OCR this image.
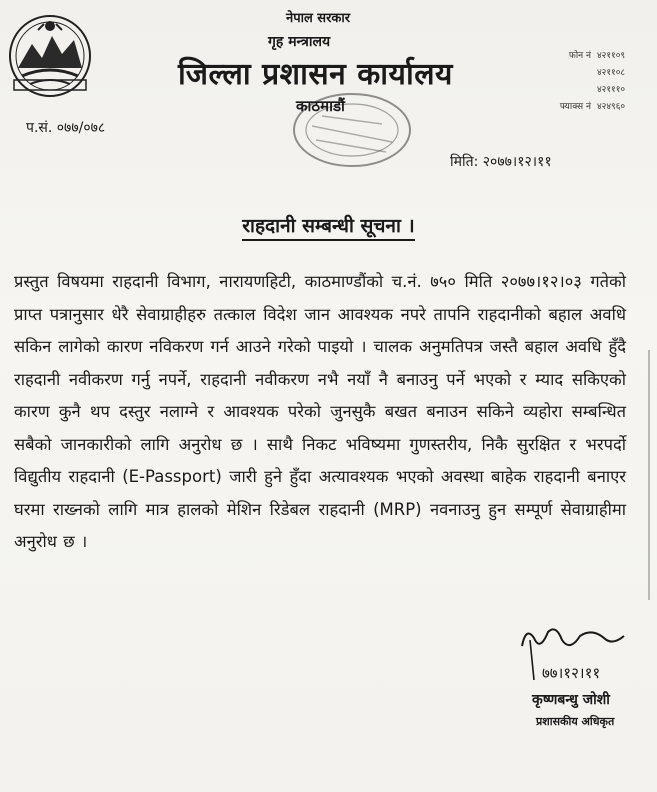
नेपाल सरकार
गृह मन्त्रालय
जिल्ला प्रशासन कार्यालय
काठमाडौं
फोन नं ४२११०९
४२११०८
४२१११०
फ्याक्स नं ४२४९६०
प.सं. ०७७/०७८
मिति: २०७७।१२।११
राहदानी सम्बन्धी सूचना ।
प्रस्तुत विषयमा राहदानी विभाग, नारायणहिटी, काठमाण्डौंको च.नं. ७५० मिति २०७७।१२।०३ गतेको प्राप्त पत्रानुसार धेरै सेवाग्राहीहरु तत्काल विदेश जान आवश्यक नपरे तापनि राहदानीको बहाल अवधि सकिन लागेको कारण नविकरण गर्न आउने गरेको पाइयो । चालक अनुमतिपत्र जस्तै बहाल अवधि हुँदै राहदानी नवीकरण गर्नु नपर्ने, राहदानी नवीकरण नभै नयाँ नै बनाउनु पर्ने भएको र म्याद सकिएको कारण कुनै थप दस्तुर नलाग्ने र आवश्यक परेको जुनसुकै बखत बनाउन सकिने व्यहोरा सम्बन्धित सबैको जानकारीको लागि अनुरोध छ । साथै निकट भविष्यमा गुणस्तरीय, निकै सुरक्षित र भरपर्दो विद्युतीय राहदानी (E-Passport) जारी हुने हुँदा अत्यावश्यक भएको अवस्था बाहेक राहदानी बनाएर घरमा राख्नको लागि मात्र हालको मेशिन रिडेबल राहदानी (MRP) नवनाउनु हुन सम्पूर्ण सेवाग्राहीमा अनुरोध छ ।
७७।१२।११
कृष्णबन्धु जोशी
प्रशासकीय अधिकृत
